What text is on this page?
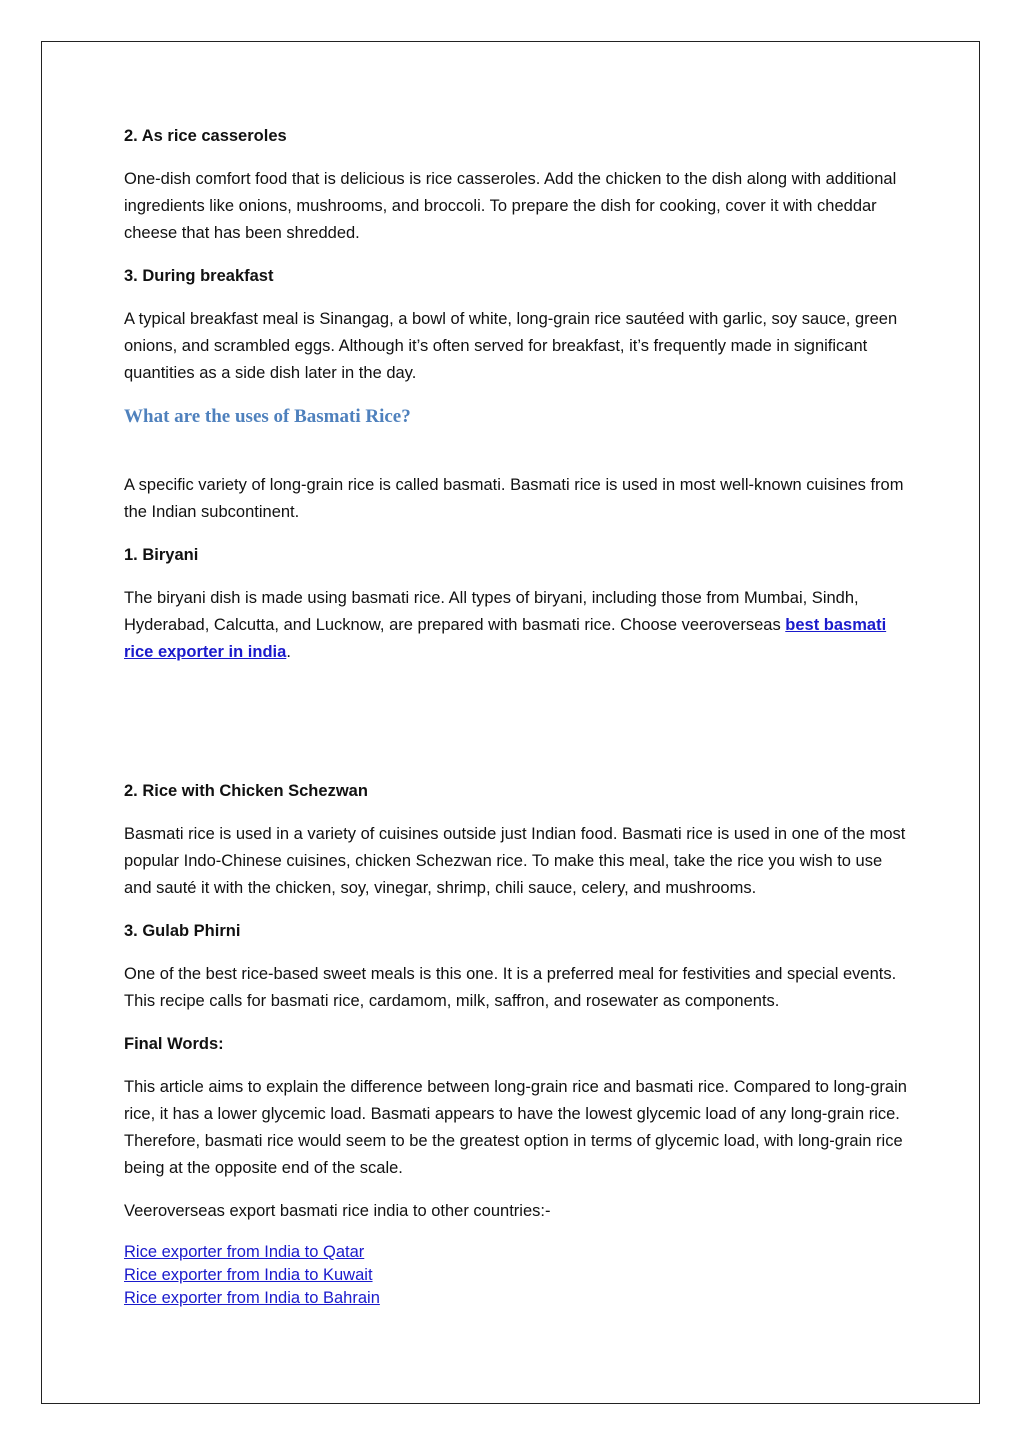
2. As rice casseroles

One-dish comfort food that is delicious is rice casseroles. Add the chicken to the dish along with additional ingredients like onions, mushrooms, and broccoli. To prepare the dish for cooking, cover it with cheddar cheese that has been shredded.

3. During breakfast

A typical breakfast meal is Sinangag, a bowl of white, long-grain rice sautéed with garlic, soy sauce, green onions, and scrambled eggs. Although it’s often served for breakfast, it’s frequently made in significant quantities as a side dish later in the day.

What are the uses of Basmati Rice?

A specific variety of long-grain rice is called basmati. Basmati rice is used in most well-known cuisines from the Indian subcontinent.

1. Biryani

The biryani dish is made using basmati rice. All types of biryani, including those from Mumbai, Sindh, Hyderabad, Calcutta, and Lucknow, are prepared with basmati rice. Choose veeroverseas best basmati rice exporter in india.

2. Rice with Chicken Schezwan

Basmati rice is used in a variety of cuisines outside just Indian food. Basmati rice is used in one of the most popular Indo-Chinese cuisines, chicken Schezwan rice. To make this meal, take the rice you wish to use and sauté it with the chicken, soy, vinegar, shrimp, chili sauce, celery, and mushrooms.

3. Gulab Phirni

One of the best rice-based sweet meals is this one. It is a preferred meal for festivities and special events. This recipe calls for basmati rice, cardamom, milk, saffron, and rosewater as components.

Final Words:

This article aims to explain the difference between long-grain rice and basmati rice. Compared to long-grain rice, it has a lower glycemic load. Basmati appears to have the lowest glycemic load of any long-grain rice. Therefore, basmati rice would seem to be the greatest option in terms of glycemic load, with long-grain rice being at the opposite end of the scale.

Veeroverseas export basmati rice india to other countries:-

Rice exporter from India to Qatar
Rice exporter from India to Kuwait
Rice exporter from India to Bahrain
